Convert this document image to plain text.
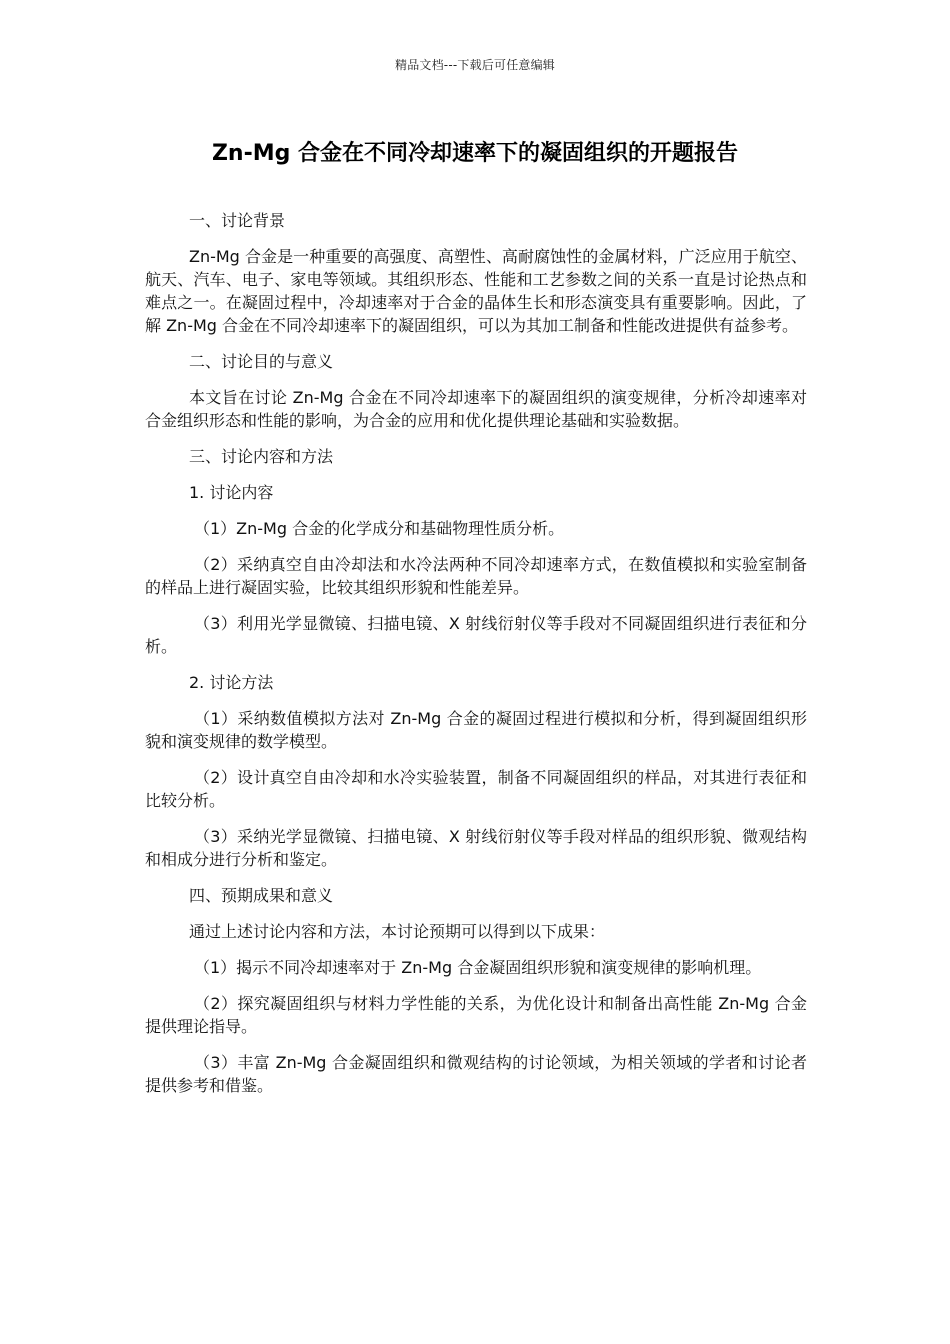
精品文档---下载后可任意编辑
Zn-Mg 合金在不同冷却速率下的凝固组织的开题报告

一、讨论背景

Zn-Mg 合金是一种重要的高强度、高塑性、高耐腐蚀性的金属材料，广泛应用于航空、航天、汽车、电子、家电等领域。其组织形态、性能和工艺参数之间的关系一直是讨论热点和难点之一。在凝固过程中，冷却速率对于合金的晶体生长和形态演变具有重要影响。因此，了解 Zn-Mg 合金在不同冷却速率下的凝固组织，可以为其加工制备和性能改进提供有益参考。

二、讨论目的与意义

本文旨在讨论 Zn-Mg 合金在不同冷却速率下的凝固组织的演变规律，分析冷却速率对合金组织形态和性能的影响，为合金的应用和优化提供理论基础和实验数据。

三、讨论内容和方法

1. 讨论内容

（1）Zn-Mg 合金的化学成分和基础物理性质分析。

（2）采纳真空自由冷却法和水冷法两种不同冷却速率方式，在数值模拟和实验室制备的样品上进行凝固实验，比较其组织形貌和性能差异。

（3）利用光学显微镜、扫描电镜、X 射线衍射仪等手段对不同凝固组织进行表征和分析。

2. 讨论方法

（1）采纳数值模拟方法对 Zn-Mg 合金的凝固过程进行模拟和分析，得到凝固组织形貌和演变规律的数学模型。

（2）设计真空自由冷却和水冷实验装置，制备不同凝固组织的样品，对其进行表征和比较分析。

（3）采纳光学显微镜、扫描电镜、X 射线衍射仪等手段对样品的组织形貌、微观结构和相成分进行分析和鉴定。

四、预期成果和意义

通过上述讨论内容和方法，本讨论预期可以得到以下成果：

（1）揭示不同冷却速率对于 Zn-Mg 合金凝固组织形貌和演变规律的影响机理。

（2）探究凝固组织与材料力学性能的关系，为优化设计和制备出高性能 Zn-Mg 合金提供理论指导。

（3）丰富 Zn-Mg 合金凝固组织和微观结构的讨论领域，为相关领域的学者和讨论者提供参考和借鉴。
